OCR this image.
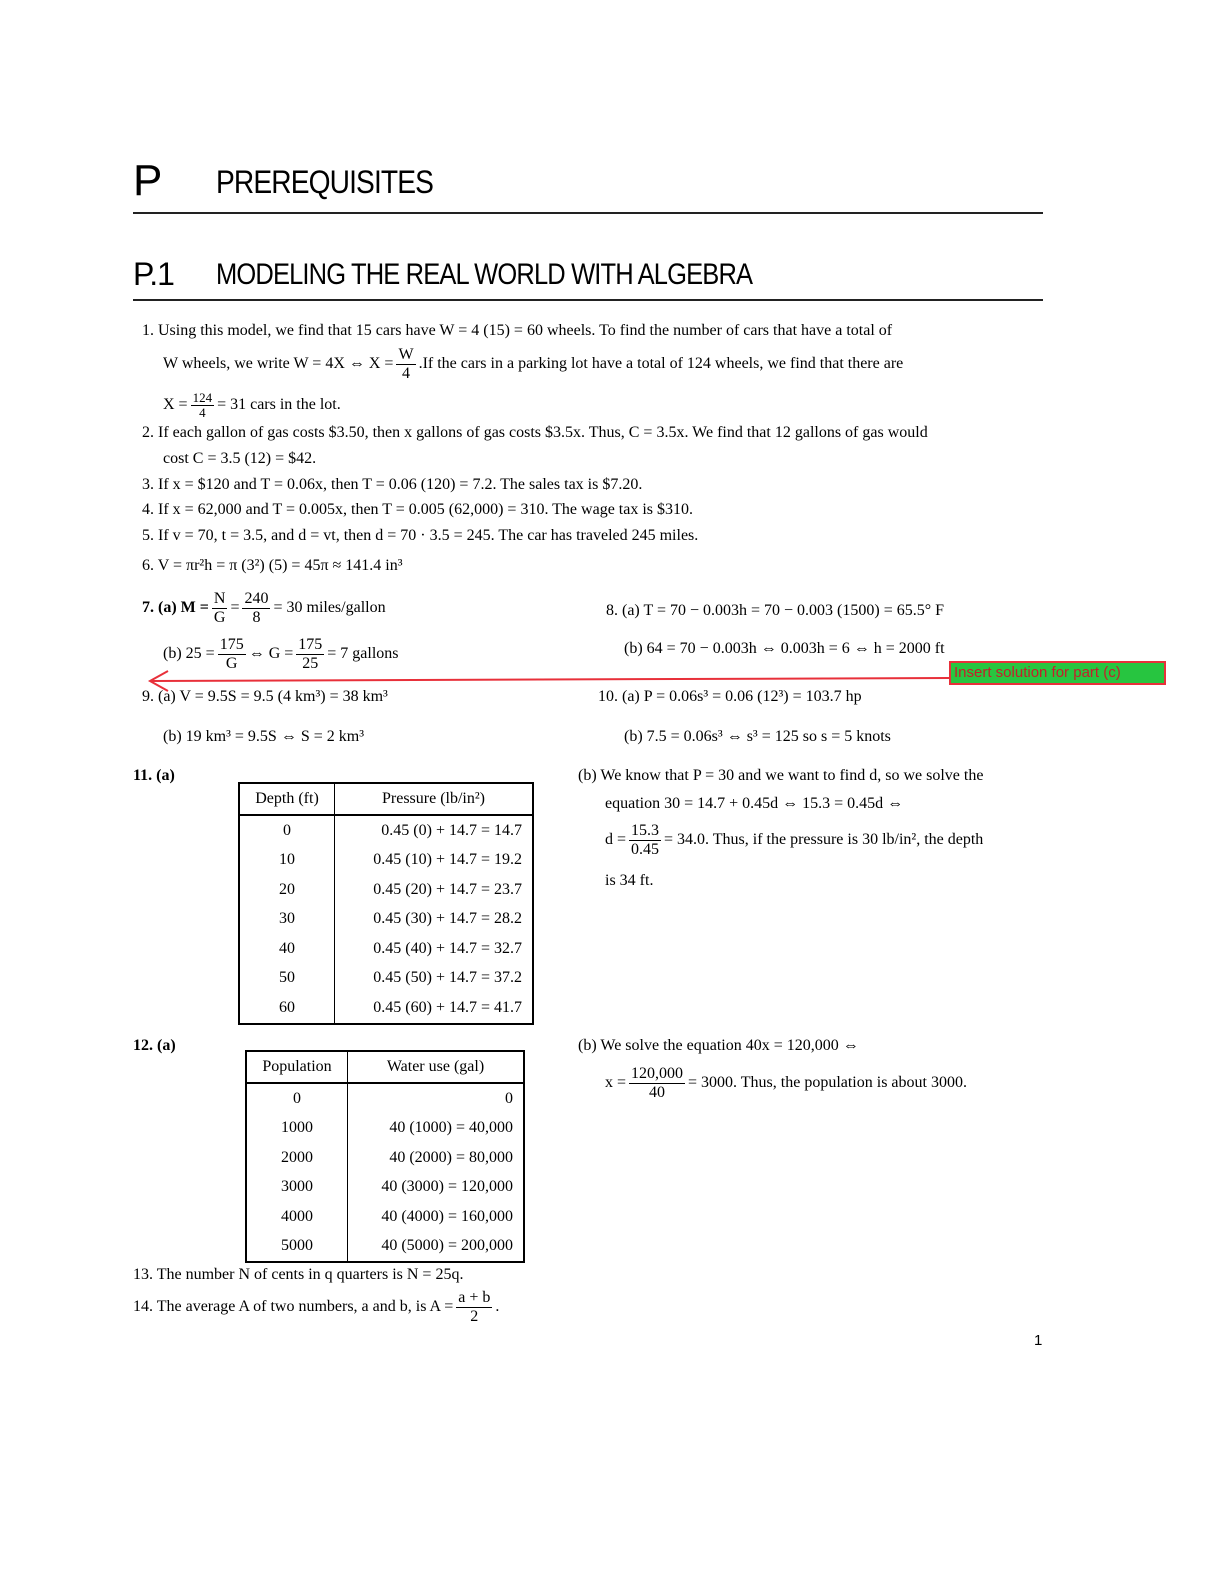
P PREREQUISITES
P.1 MODELING THE REAL WORLD WITH ALGEBRA
1. Using this model, we find that 15 cars have W = 4 (15) = 60 wheels. To find the number of cars that have a total of
W wheels, we write W = 4X ⇔ $X = \frac{W}{4} .If$ the cars in a parking lot have a total of 124 wheels, we find that there are
$X = \frac{124}{4} = 31$ cars in the lot.
2. If each gallon of gas costs $3.50, then x gallons of gas costs $3.5x. Thus, C = 3.5x. We find that 12 gallons of gas would
cost C = 3.5 (12) = $42.
3. If x = $120 and T = 0.06x, then T = 0.06 (120) = 7.2. The sales tax is $7.20.
4. If x = 62,000 and T = 0.005x, then T = 0.005 (62,000) = 310. The wage tax is $310.
5. If v = 70, t = 3.5, and d = vt, then d = 70 · 3.5 = 245. The car has traveled 245 miles.
6. V = πr²h = π (3²) (5) = 45π ≈ 141.4 in³
7. (a) $M = \frac{N}{G} = \frac{240}{8} = 30$ miles/gallon
(b) $25 = \frac{175}{G}$ ⇔ $G = \frac{175}{25} = 7$ gallons
8. (a) T = 70 − 0.003h = 70 − 0.003 (1500) = 65.5° F
(b) 64 = 70 − 0.003h ⇔ 0.003h = 6 ⇔ h = 2000 ft
Insert solution for part (c)
9. (a) V = 9.5S = 9.5 (4 km³) = 38 km³
(b) 19 km³ = 9.5S ⇔ S = 2 km³
10. (a) P = 0.06s³ = 0.06 (12³) = 103.7 hp
(b) 7.5 = 0.06s³ ⇔ s³ = 125 so s = 5 knots
11. (a)
Depth (ft)	Pressure (lb/in²)
0	0.45 (0) + 14.7 = 14.7
10	0.45 (10) + 14.7 = 19.2
20	0.45 (20) + 14.7 = 23.7
30	0.45 (30) + 14.7 = 28.2
40	0.45 (40) + 14.7 = 32.7
50	0.45 (50) + 14.7 = 37.2
60	0.45 (60) + 14.7 = 41.7
(b) We know that P = 30 and we want to find d, so we solve the
equation 30 = 14.7 + 0.45d ⇔ 15.3 = 0.45d ⇔
$d = \frac{15.3}{0.45} = 34.0$. Thus, if the pressure is 30 lb/in², the depth
is 34 ft.
12. (a)
Population	Water use (gal)
0	0
1000	40 (1000) = 40,000
2000	40 (2000) = 80,000
3000	40 (3000) = 120,000
4000	40 (4000) = 160,000
5000	40 (5000) = 200,000
(b) We solve the equation 40x = 120,000 ⇔
$x = \frac{120,000}{40} = 3000$. Thus, the population is about 3000.
13. The number N of cents in q quarters is N = 25q.
14. The average A of two numbers, a and b, is $A = \frac{a + b}{2}$ .
1
